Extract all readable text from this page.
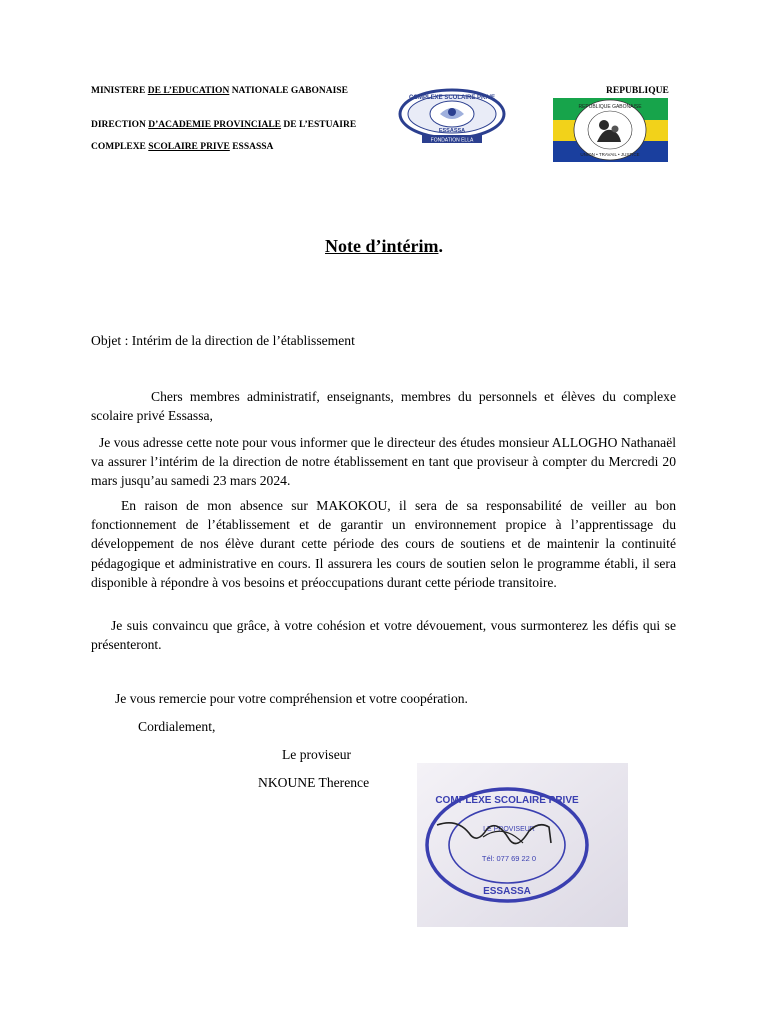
MINISTERE DE L’EDUCATION NATIONALE GABONAISE
DIRECTION D’ACADEMIE PROVINCIALE DE L’ESTUAIRE
COMPLEXE SCOLAIRE PRIVE ESSASSA
REPUBLIQUE
COMPLEXE SCOLAIRE PRIVE
ESSASSA
FONDATION ELLA
REPUBLIQUE GABONAISE
UNION • TRAVAIL • JUSTICE
Note d’intérim.
Objet : Intérim de la direction de l’établissement
Chers membres administratif, enseignants, membres du personnels et élèves du complexe scolaire privé Essassa,
Je vous adresse cette note pour vous informer que le directeur des études monsieur ALLOGHO Nathanaël va assurer l’intérim de la direction de notre établissement en tant que proviseur à compter du Mercredi 20 mars jusqu’au samedi 23 mars 2024.
En raison de mon absence sur MAKOKOU, il sera de sa responsabilité de veiller au bon fonctionnement de l’établissement et de garantir un environnement propice à l’apprentissage du développement de nos élève durant cette période des cours de soutiens et de maintenir la continuité pédagogique et administrative en cours. Il assurera les cours de soutien selon le programme établi, il sera disponible à répondre à vos besoins et préoccupations durant cette période transitoire.
Je suis convaincu que grâce, à votre cohésion et votre dévouement, vous surmonterez les défis qui se présenteront.
Je vous remercie pour votre compréhension et votre coopération.
Cordialement,
Le proviseur
NKOUNE Therence
COMPLEXE SCOLAIRE PRIVE
ESSASSA
LE PROVISEUR
Tél: 077 69 22 0
